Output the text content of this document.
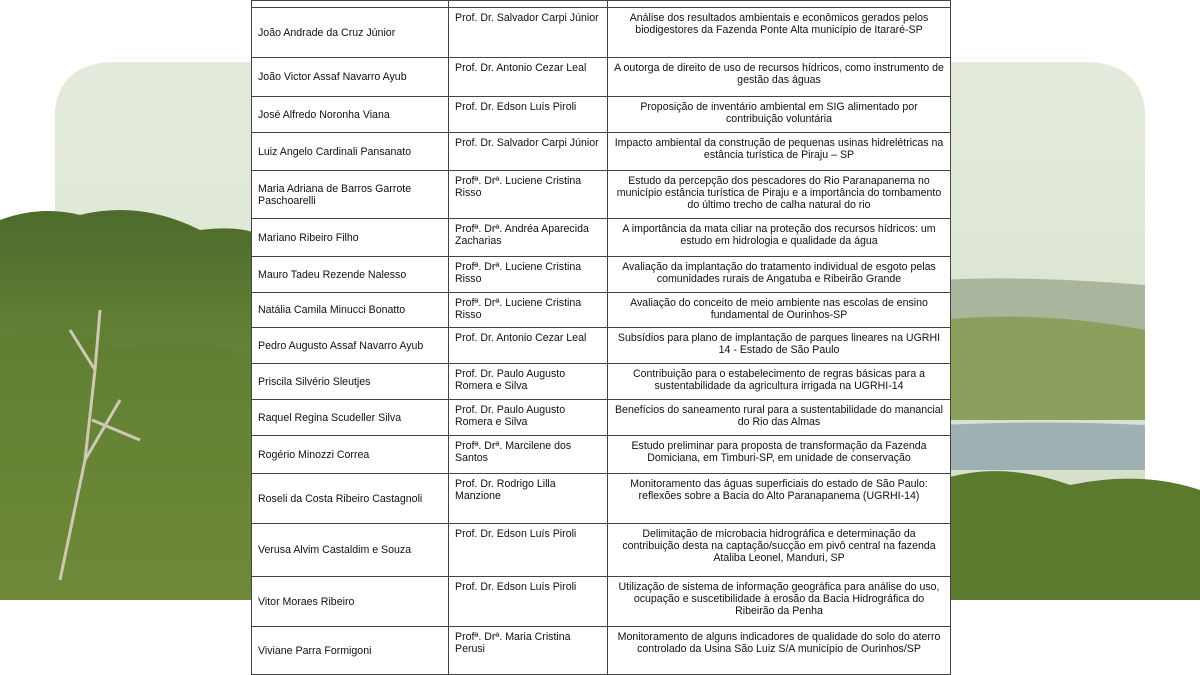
João Andrade da Cruz Júnior	Prof. Dr. Salvador Carpi Júnior	Análise dos resultados ambientais e econômicos gerados pelos biodigestores da Fazenda Ponte Alta município de Itararé-SP
João Victor Assaf Navarro Ayub	Prof. Dr. Antonio Cezar Leal	A outorga de direito de uso de recursos hídricos, como instrumento de gestão das águas
José Alfredo Noronha Viana	Prof. Dr. Edson Luís Piroli	Proposição de inventário ambiental em SIG alimentado por contribuição voluntária
Luiz Angelo Cardinali Pansanato	Prof. Dr. Salvador Carpi Júnior	Impacto ambiental da construção de pequenas usinas hidrelétricas na estância turística de Piraju – SP
Maria Adriana de Barros Garrote Paschoarelli	Profª. Drª. Luciene Cristina Risso	Estudo da percepção dos pescadores do Rio Paranapanema no município estância turística de Piraju e a importância do tombamento do último trecho de calha natural do rio
Mariano Ribeiro Filho	Profª. Drª. Andréa Aparecida Zacharias	A importância da mata ciliar na proteção dos recursos hídricos: um estudo em hidrologia e qualidade da água
Mauro Tadeu Rezende Nalesso	Profª. Drª. Luciene Cristina Risso	Avaliação da implantação do tratamento individual de esgoto pelas comunidades rurais de Angatuba e Ribeirão Grande
Natália Camila Minucci Bonatto	Profª. Drª. Luciene Cristina Risso	Avaliação do conceito de meio ambiente nas escolas de ensino fundamental de Ourinhos-SP
Pedro Augusto Assaf Navarro Ayub	Prof. Dr. Antonio Cezar Leal	Subsídios para plano de implantação de parques lineares na UGRHI 14 - Estado de São Paulo
Priscila Silvério Sleutjes	Prof. Dr. Paulo Augusto Romera e Silva	Contribuição para o estabelecimento de regras básicas para a sustentabilidade da agricultura irrigada na UGRHI-14
Raquel Regina Scudeller Silva	Prof. Dr. Paulo Augusto Romera e Silva	Benefícios do saneamento rural para a sustentabilidade do manancial do Rio das Almas
Rogério Minozzi Correa	Profª. Drª. Marcilene dos Santos	Estudo preliminar para proposta de transformação da Fazenda Domiciana, em Timburi-SP, em unidade de conservação
Roseli da Costa Ribeiro Castagnoli	Prof. Dr. Rodrigo Lilla Manzione	Monitoramento das águas superficiais do estado de São Paulo: reflexões sobre a Bacia do Alto Paranapanema (UGRHI-14)
Verusa Alvim Castaldim e Souza	Prof. Dr. Edson Luís Piroli	Delimitação de microbacia hidrográfica e determinação da contribuição desta na captação/sucção em pivô central na fazenda Ataliba Leonel, Manduri, SP
Vitor Moraes Ribeiro	Prof. Dr. Edson Luís Piroli	Utilização de sistema de informação geográfica para análise do uso, ocupação e suscetibilidade à erosão da Bacia Hidrográfica do Ribeirão da Penha
Viviane Parra Formigoni	Profª. Drª. Maria Cristina Perusi	Monitoramento de alguns indicadores de qualidade do solo do aterro controlado da Usina São Luiz S/A município de Ourinhos/SP
